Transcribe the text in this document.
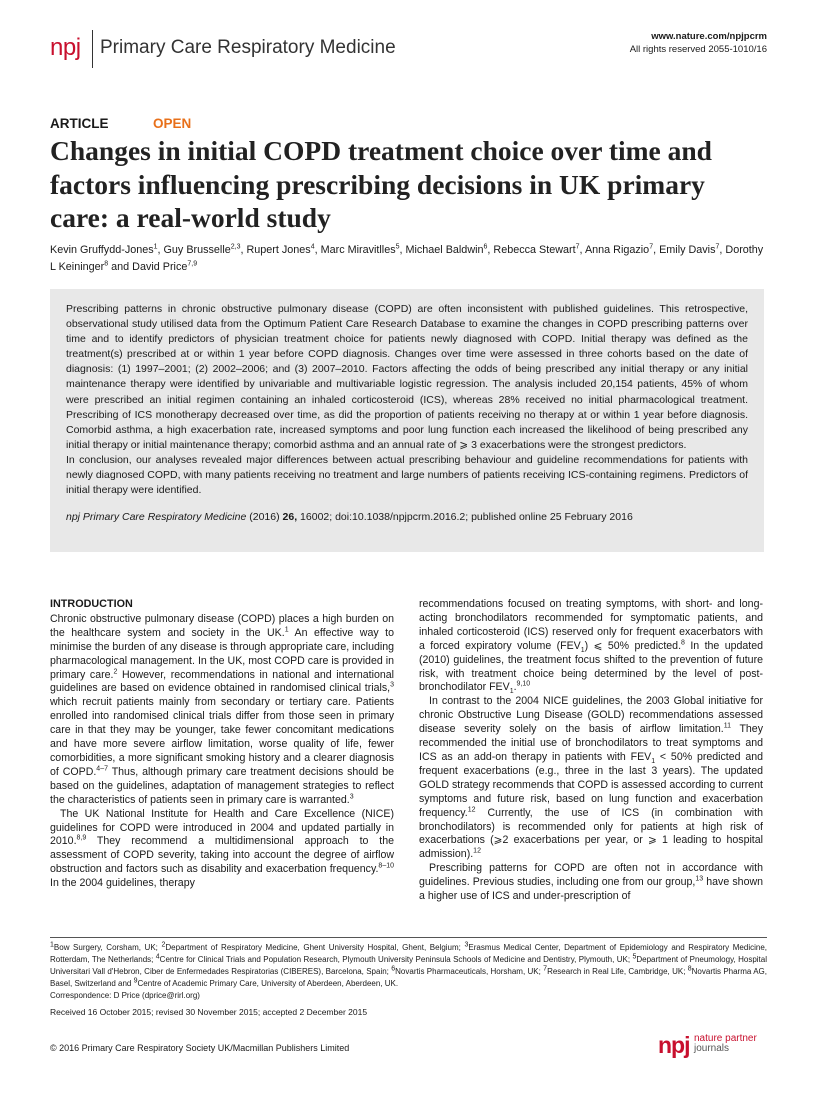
npj Primary Care Respiratory Medicine
www.nature.com/npjpcrm
All rights reserved 2055-1010/16
ARTICLE	OPEN
Changes in initial COPD treatment choice over time and factors influencing prescribing decisions in UK primary care: a real-world study
Kevin Gruffydd-Jones$^1$, Guy Brusselle$^{2,3}$, Rupert Jones$^4$, Marc Miravitlles$^5$, Michael Baldwin$^6$, Rebecca Stewart$^7$, Anna Rigazio$^7$, Emily Davis$^7$, Dorothy L Keininger$^8$ and David Price$^{7,9}$

Prescribing patterns in chronic obstructive pulmonary disease (COPD) are often inconsistent with published guidelines. This retrospective, observational study utilised data from the Optimum Patient Care Research Database to examine the changes in COPD prescribing patterns over time and to identify predictors of physician treatment choice for patients newly diagnosed with COPD. Initial therapy was defined as the treatment(s) prescribed at or within 1 year before COPD diagnosis. Changes over time were assessed in three cohorts based on the date of diagnosis: (1) 1997–2001; (2) 2002–2006; and (3) 2007–2010. Factors affecting the odds of being prescribed any initial therapy or any initial maintenance therapy were identified by univariable and multivariable logistic regression. The analysis included 20,154 patients, 45% of whom were prescribed an initial regimen containing an inhaled corticosteroid (ICS), whereas 28% received no initial pharmacological treatment. Prescribing of ICS monotherapy decreased over time, as did the proportion of patients receiving no therapy at or within 1 year before diagnosis. Comorbid asthma, a high exacerbation rate, increased symptoms and poor lung function each increased the likelihood of being prescribed any initial therapy or initial maintenance therapy; comorbid asthma and an annual rate of ⩾ 3 exacerbations were the strongest predictors.

In conclusion, our analyses revealed major differences between actual prescribing behaviour and guideline recommendations for patients with newly diagnosed COPD, with many patients receiving no treatment and large numbers of patients receiving ICS-containing regimens. Predictors of initial therapy were identified.

npj Primary Care Respiratory Medicine (2016) 26, 16002; doi:10.1038/npjpcrm.2016.2; published online 25 February 2016

INTRODUCTION

Chronic obstructive pulmonary disease (COPD) places a high burden on the healthcare system and society in the UK.$^1$ An effective way to minimise the burden of any disease is through appropriate care, including pharmacological management. In the UK, most COPD care is provided in primary care.$^2$ However, recommendations in national and international guidelines are based on evidence obtained in randomised clinical trials,$^3$ which recruit patients mainly from secondary or tertiary care. Patients enrolled into randomised clinical trials differ from those seen in primary care in that they may be younger, take fewer concomitant medications and have more severe airflow limitation, worse quality of life, fewer comorbidities, a more significant smoking history and a clearer diagnosis of COPD.$^{4-7}$ Thus, although primary care treatment decisions should be based on the guidelines, adaptation of management strategies to reflect the characteristics of patients seen in primary care is warranted.$^3$

The UK National Institute for Health and Care Excellence (NICE) guidelines for COPD were introduced in 2004 and updated partially in 2010.$^{8,9}$ They recommend a multidimensional approach to the assessment of COPD severity, taking into account the degree of airflow obstruction and factors such as disability and exacerbation frequency.$^{8-10}$ In the 2004 guidelines, therapy

recommendations focused on treating symptoms, with short- and long-acting bronchodilators recommended for symptomatic patients, and inhaled corticosteroid (ICS) reserved only for frequent exacerbators with a forced expiratory volume $(FEV_1)$ ⩽ 50% predicted.$^8$ In the updated (2010) guidelines, the treatment focus shifted to the prevention of future risk, with treatment choice being determined by the level of post-bronchodilator $FEV_1.^{9,10}$

In contrast to the 2004 NICE guidelines, the 2003 Global initiative for chronic Obstructive Lung Disease (GOLD) recommendations assessed disease severity solely on the basis of airflow limitation.$^{11}$ They recommended the initial use of bronchodilators to treat symptoms and ICS as an add-on therapy in patients with $FEV_1 < 50\%$ predicted and frequent exacerbations (e.g., three in the last 3 years). The updated GOLD strategy recommends that COPD is assessed according to current symptoms and future risk, based on lung function and exacerbation frequency.$^{12}$ Currently, the use of ICS (in combination with bronchodilators) is recommended only for patients at high risk of exacerbations (⩾2 exacerbations per year, or ⩾ 1 leading to hospital admission).$^{12}$

Prescribing patterns for COPD are often not in accordance with guidelines. Previous studies, including one from our group,$^{13}$ have shown a higher use of ICS and under-prescription of

$^1$Bow Surgery, Corsham, UK; $^2$Department of Respiratory Medicine, Ghent University Hospital, Ghent, Belgium; $^3$Erasmus Medical Center, Department of Epidemiology and Respiratory Medicine, Rotterdam, The Netherlands; $^4$Centre for Clinical Trials and Population Research, Plymouth University Peninsula Schools of Medicine and Dentistry, Plymouth, UK; $^5$Department of Pneumology, Hospital Universitari Vall d'Hebron, Ciber de Enfermedades Respiratorias (CIBERES), Barcelona, Spain; $^6$Novartis Pharmaceuticals, Horsham, UK; $^7$Research in Real Life, Cambridge, UK; $^8$Novartis Pharma AG, Basel, Switzerland and $^9$Centre of Academic Primary Care, University of Aberdeen, Aberdeen, UK.
Correspondence: D Price (dprice@rirl.org)
Received 16 October 2015; revised 30 November 2015; accepted 2 December 2015
© 2016 Primary Care Respiratory Society UK/Macmillan Publishers Limited	npj nature partner
journals
